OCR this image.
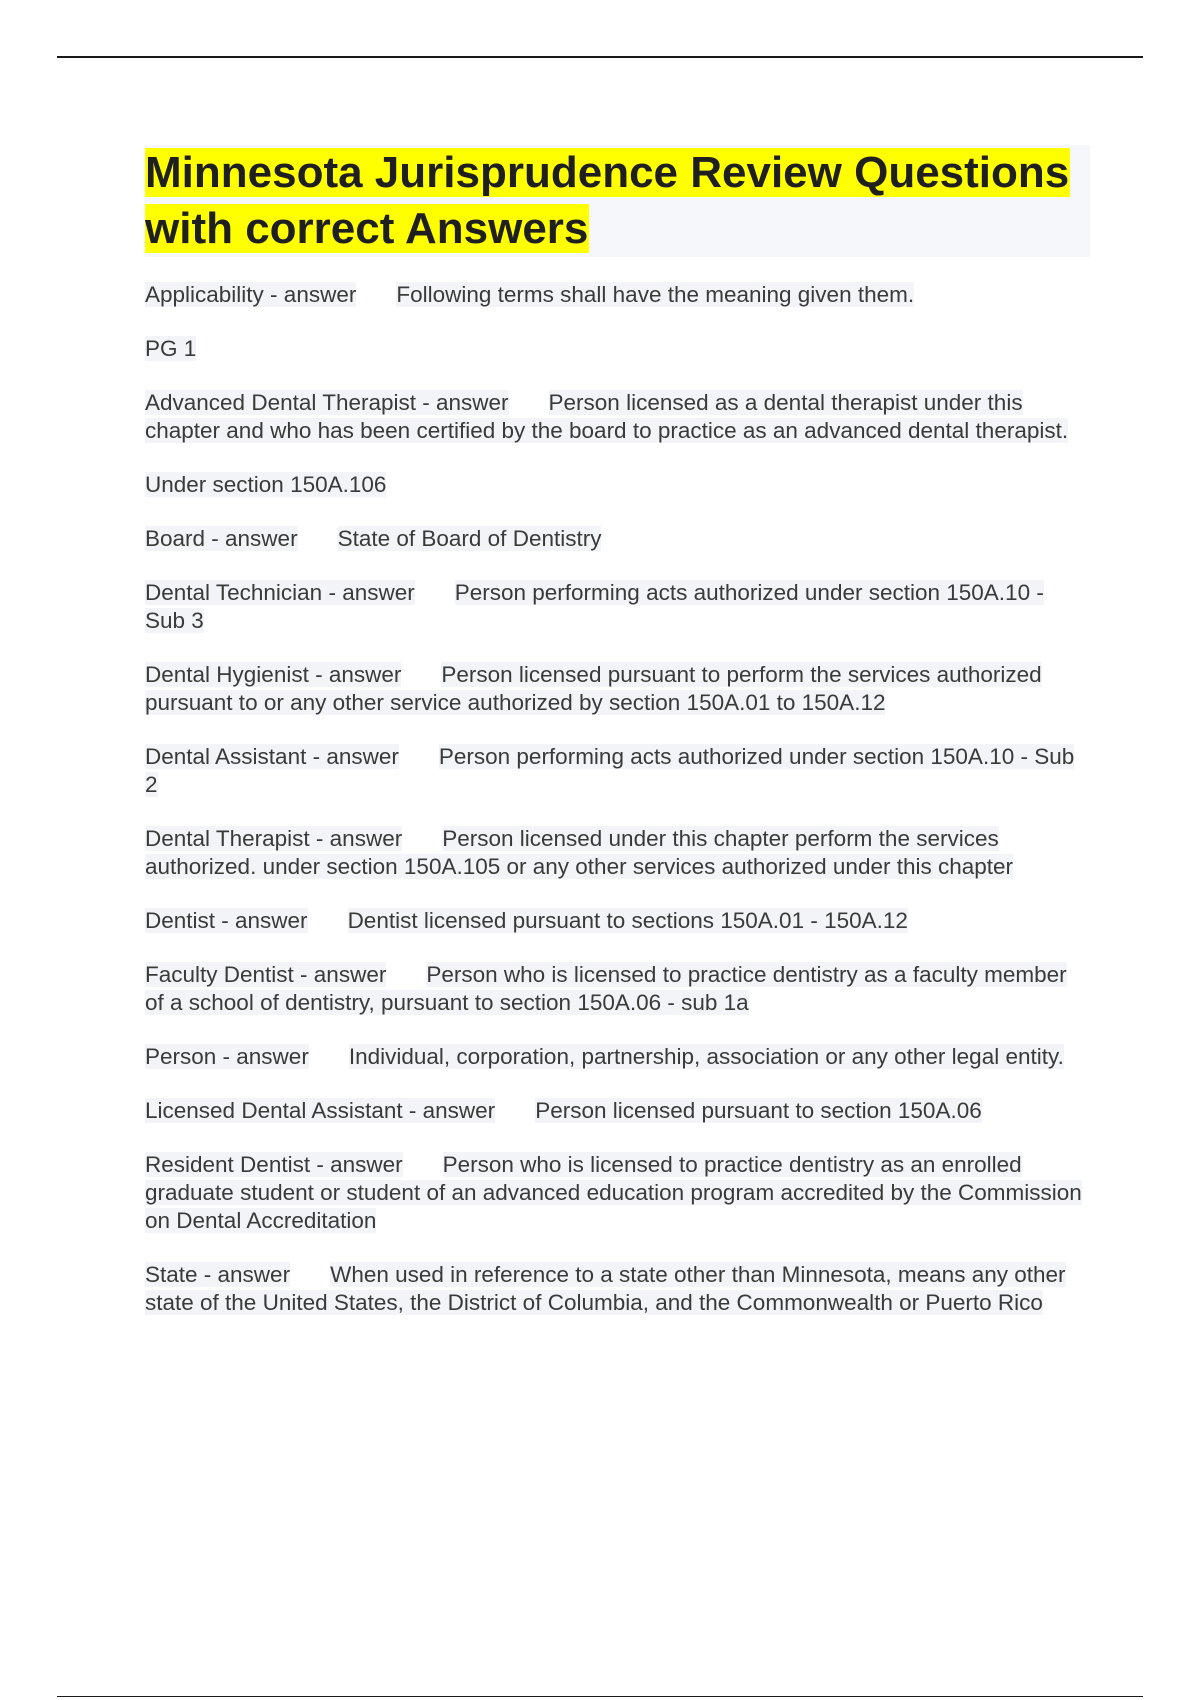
Minnesota Jurisprudence Review Questions with correct Answers
Applicability - answer Following terms shall have the meaning given them.
PG 1
Advanced Dental Therapist - answer Person licensed as a dental therapist under this chapter and who has been certified by the board to practice as an advanced dental therapist.
Under section 150A.106
Board - answer State of Board of Dentistry
Dental Technician - answer Person performing acts authorized under section 150A.10 - Sub 3
Dental Hygienist - answer Person licensed pursuant to perform the services authorized pursuant to or any other service authorized by section 150A.01 to 150A.12
Dental Assistant - answer Person performing acts authorized under section 150A.10 - Sub 2
Dental Therapist - answer Person licensed under this chapter perform the services authorized. under section 150A.105 or any other services authorized under this chapter
Dentist - answer Dentist licensed pursuant to sections 150A.01 - 150A.12
Faculty Dentist - answer Person who is licensed to practice dentistry as a faculty member of a school of dentistry, pursuant to section 150A.06 - sub 1a
Person - answer Individual, corporation, partnership, association or any other legal entity.
Licensed Dental Assistant - answer Person licensed pursuant to section 150A.06
Resident Dentist - answer Person who is licensed to practice dentistry as an enrolled graduate student or student of an advanced education program accredited by the Commission on Dental Accreditation
State - answer When used in reference to a state other than Minnesota, means any other state of the United States, the District of Columbia, and the Commonwealth or Puerto Rico
